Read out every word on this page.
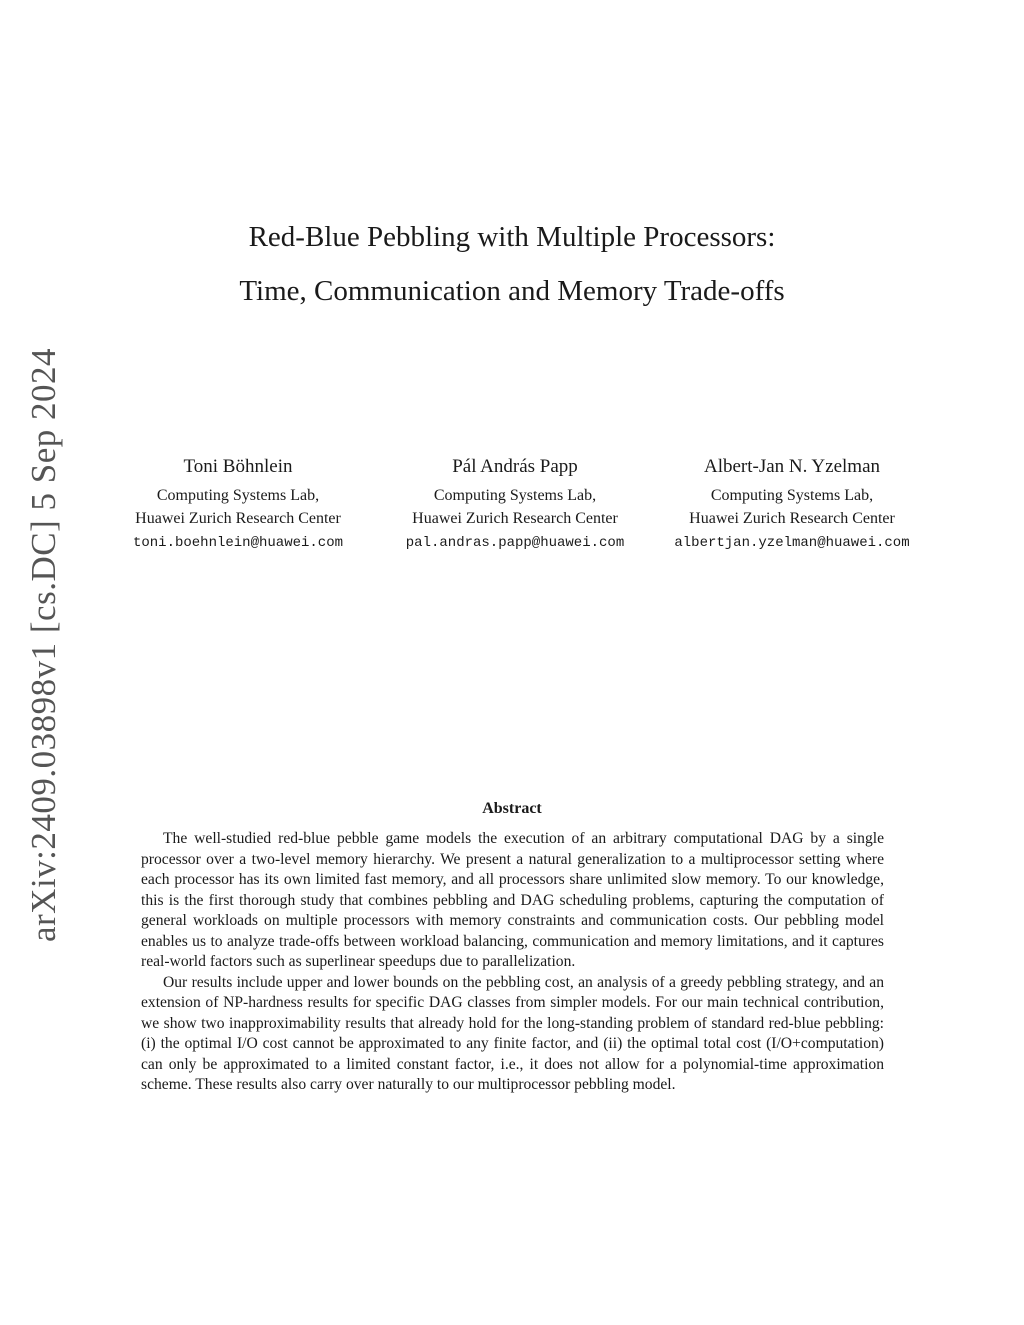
arXiv:2409.03898v1 [cs.DC] 5 Sep 2024
Red-Blue Pebbling with Multiple Processors:
Time, Communication and Memory Trade-offs
Toni Böhnlein
Computing Systems Lab,
Huawei Zurich Research Center
toni.boehnlein@huawei.com
Pál András Papp
Computing Systems Lab,
Huawei Zurich Research Center
pal.andras.papp@huawei.com
Albert-Jan N. Yzelman
Computing Systems Lab,
Huawei Zurich Research Center
albertjan.yzelman@huawei.com
Abstract

The well-studied red-blue pebble game models the execution of an arbitrary computational DAG by a single processor over a two-level memory hierarchy. We present a natural generalization to a multiprocessor setting where each processor has its own limited fast memory, and all processors share unlimited slow memory. To our knowledge, this is the first thorough study that combines pebbling and DAG scheduling problems, capturing the computation of general workloads on multiple processors with memory constraints and communication costs. Our pebbling model enables us to analyze trade-offs between workload balancing, communication and memory limitations, and it captures real-world factors such as superlinear speedups due to parallelization.

Our results include upper and lower bounds on the pebbling cost, an analysis of a greedy pebbling strategy, and an extension of NP-hardness results for specific DAG classes from simpler models. For our main technical contribution, we show two inapproximability results that already hold for the long-standing problem of standard red-blue pebbling: (i) the optimal I/O cost cannot be approximated to any finite factor, and (ii) the optimal total cost (I/O+computation) can only be approximated to a limited constant factor, i.e., it does not allow for a polynomial-time approximation scheme. These results also carry over naturally to our multiprocessor pebbling model.
